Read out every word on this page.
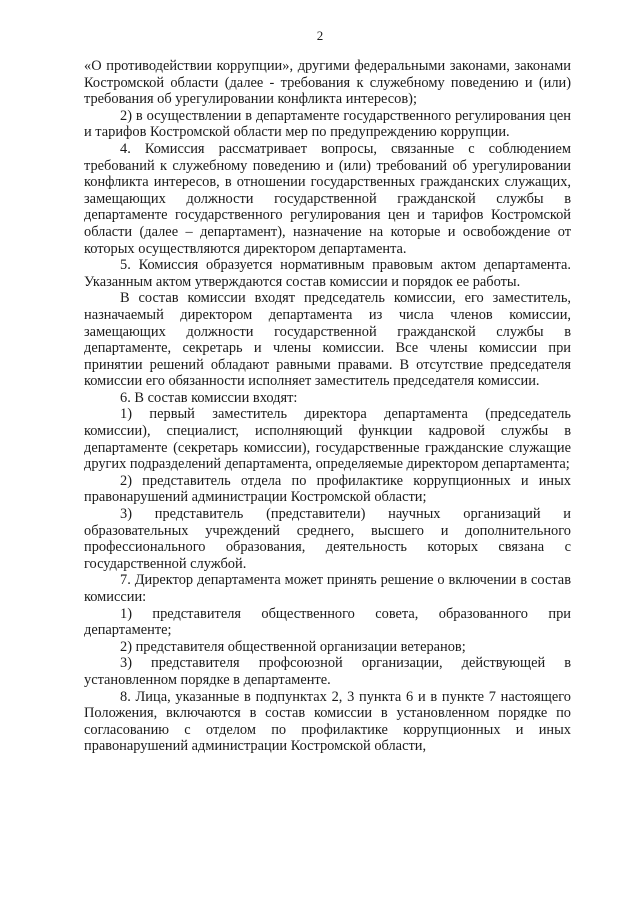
2

«О противодействии коррупции», другими федеральными законами, законами Костромской области (далее - требования к служебному поведению и (или) требования об урегулировании конфликта интересов);

2) в осуществлении в департаменте государственного регулирования цен и тарифов Костромской области мер по предупреждению коррупции.

4. Комиссия рассматривает вопросы, связанные с соблюдением требований к служебному поведению и (или) требований об урегулировании конфликта интересов, в отношении государственных гражданских служащих, замещающих должности государственной гражданской службы в департаменте государственного регулирования цен и тарифов Костромской области (далее – департамент), назначение на которые и освобождение от которых осуществляются директором департамента.

5. Комиссия образуется нормативным правовым актом департамента. Указанным актом утверждаются состав комиссии и порядок ее работы.

В состав комиссии входят председатель комиссии, его заместитель, назначаемый директором департамента из числа членов комиссии, замещающих должности государственной гражданской службы в департаменте, секретарь и члены комиссии. Все члены комиссии при принятии решений обладают равными правами. В отсутствие председателя комиссии его обязанности исполняет заместитель председателя комиссии.

6. В состав комиссии входят:

1) первый заместитель директора департамента (председатель комиссии), специалист, исполняющий функции кадровой службы в департаменте (секретарь комиссии), государственные гражданские служащие других подразделений департамента, определяемые директором департамента;

2) представитель отдела по профилактике коррупционных и иных правонарушений администрации Костромской области;

3) представитель (представители) научных организаций и образовательных учреждений среднего, высшего и дополнительного профессионального образования, деятельность которых связана с государственной службой.

7. Директор департамента может принять решение о включении в состав комиссии:

1) представителя общественного совета, образованного при департаменте;

2) представителя общественной организации ветеранов;

3) представителя профсоюзной организации, действующей в установленном порядке в департаменте.

8. Лица, указанные в подпунктах 2, 3 пункта 6 и в пункте 7 настоящего Положения, включаются в состав комиссии в установленном порядке по согласованию с отделом по профилактике коррупционных и иных правонарушений администрации Костромской области,
